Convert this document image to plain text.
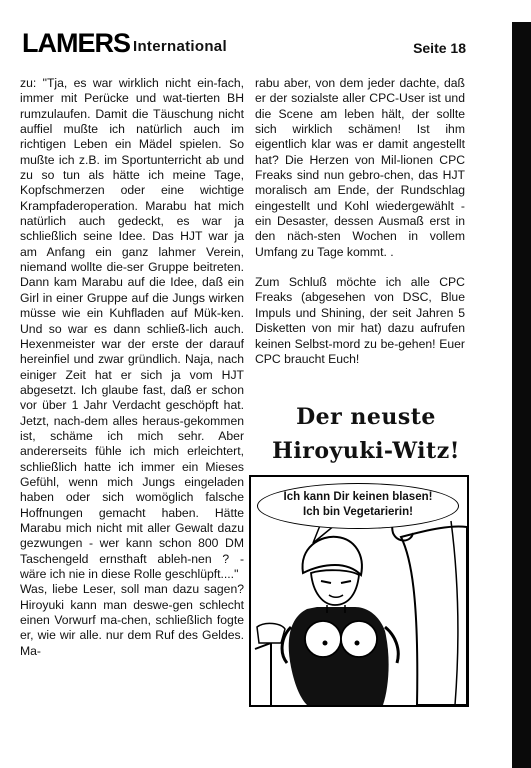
LAMERS International	Seite 18

zu: "Tja, es war wirklich nicht ein-fach, immer mit Perücke und wat-tierten BH rumzulaufen. Damit die Täuschung nicht auffiel mußte ich natürlich auch im richtigen Leben ein Mädel spielen. So mußte ich z.B. im Sportunterricht ab und zu so tun als hätte ich meine Tage, Kopfschmerzen oder eine wichtige Krampfaderoperation. Marabu hat mich natürlich auch gedeckt, es war ja schließlich seine Idee. Das HJT war ja am Anfang ein ganz lahmer Verein, niemand wollte die-ser Gruppe beitreten. Dann kam Marabu auf die Idee, daß ein Girl in einer Gruppe auf die Jungs wirken müsse wie ein Kuhfladen auf Mük-ken. Und so war es dann schließ-lich auch. Hexenmeister war der erste der darauf hereinfiel und zwar gründlich. Naja, nach einiger Zeit hat er sich ja vom HJT abgesetzt. Ich glaube fast, daß er schon vor über 1 Jahr Verdacht geschöpft hat. Jetzt, nach-dem alles heraus-gekommen ist, schäme ich mich sehr. Aber andererseits fühle ich mich erleichtert, schließlich hatte ich immer ein Mieses Gefühl, wenn mich Jungs eingeladen haben oder sich womöglich falsche Hoffnungen gemacht haben. Hätte Marabu mich nicht mit aller Gewalt dazu gezwungen - wer kann schon 800 DM Taschengeld ernsthaft ableh-nen ? - wäre ich nie in diese Rolle geschlüpft...."

Was, liebe Leser, soll man dazu sagen? Hiroyuki kann man deswe-gen schlecht einen Vorwurf ma-chen, schließlich fogte er, wie wir alle. nur dem Ruf des Geldes. Ma-

rabu aber, von dem jeder dachte, daß er der sozialste aller CPC-User ist und die Scene am leben hält, der sollte sich wirklich schämen! Ist ihm eigentlich klar was er damit angestellt hat? Die Herzen von Mil-lionen CPC Freaks sind nun gebro-chen, das HJT moralisch am Ende, der Rundschlag eingestellt und Kohl wiedergewählt - ein Desaster, dessen Ausmaß erst in den näch-sten Wochen in vollem Umfang zu Tage kommt. .

Zum Schluß möchte ich alle CPC Freaks (abgesehen von DSC, Blue Impuls und Shining, der seit Jahren 5 Disketten von mir hat) dazu aufrufen keinen Selbst-mord zu be-gehen! Euer CPC braucht Euch!

Der neuste
Hiroyuki-Witz!
Ich kann Dir keinen blasen!
Ich bin Vegetarierin!
